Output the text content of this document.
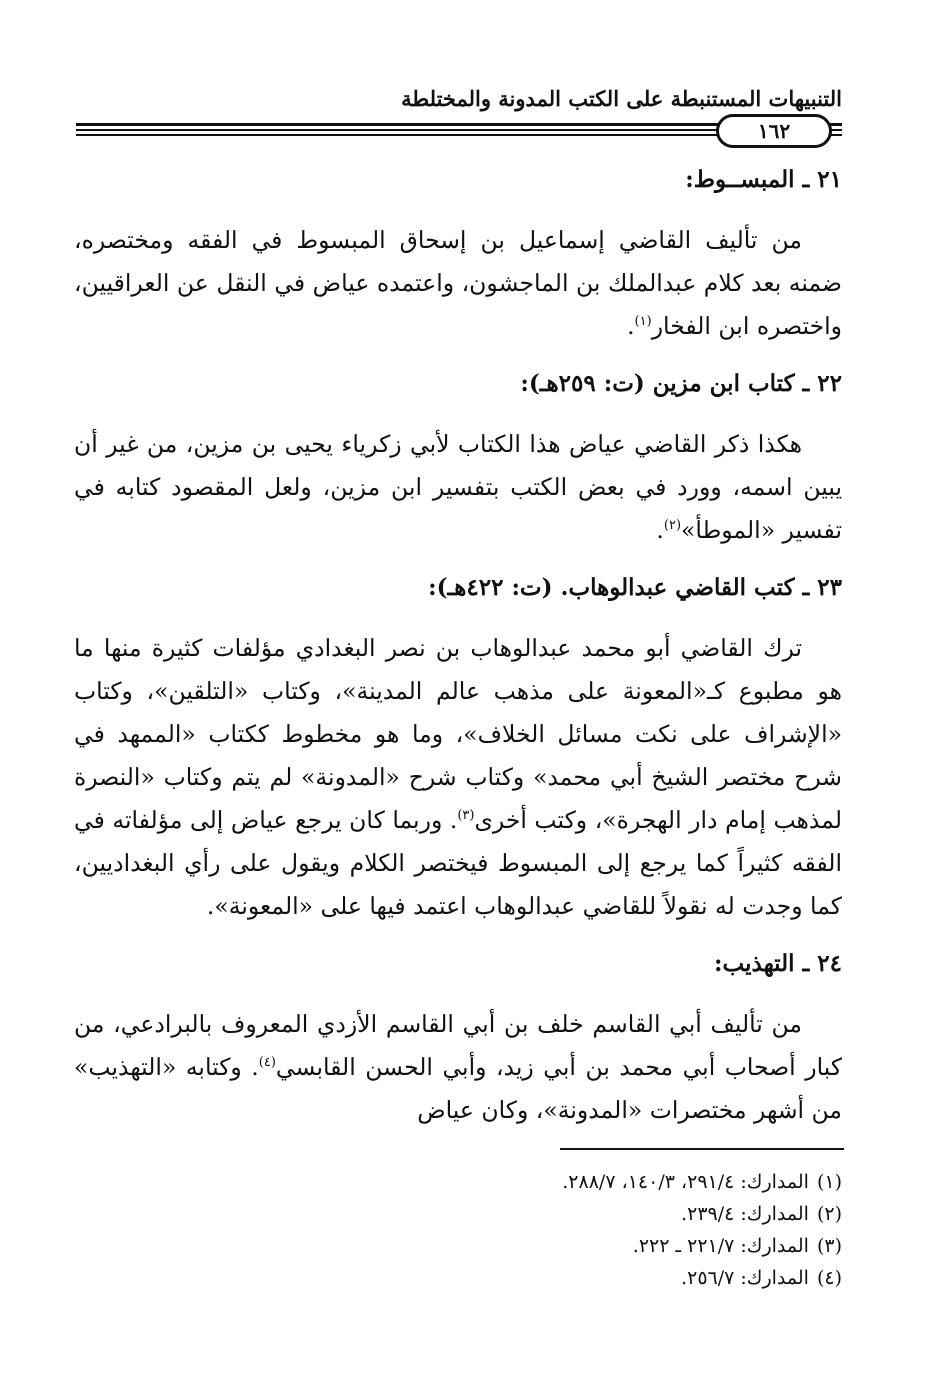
التنبيهات المستنبطة على الكتب المدونة والمختلطة
١٦٢
٢١ ـ المبســوط:

من تأليف القاضي إسماعيل بن إسحاق المبسوط في الفقه ومختصره، ضمنه بعد كلام عبدالملك بن الماجشون، واعتمده عياض في النقل عن العراقيين، واختصره ابن الفخار$^{(١)}$.

٢٢ ـ كتاب ابن مزين (ت: ٢٥٩هـ):

هكذا ذكر القاضي عياض هذا الكتاب لأبي زكرياء يحيى بن مزين، من غير أن يبين اسمه، وورد في بعض الكتب بتفسير ابن مزين، ولعل المقصود كتابه في تفسير «الموطأ»$^{(٢)}$.

٢٣ ـ كتب القاضي عبدالوهاب. (ت: ٤٢٢هـ):

ترك القاضي أبو محمد عبدالوهاب بن نصر البغدادي مؤلفات كثيرة منها ما هو مطبوع كـ«المعونة على مذهب عالم المدينة»، وكتاب «التلقين»، وكتاب «الإشراف على نكت مسائل الخلاف»، وما هو مخطوط ككتاب «الممهد في شرح مختصر الشيخ أبي محمد» وكتاب شرح «المدونة» لم يتم وكتاب «النصرة لمذهب إمام دار الهجرة»، وكتب أخرى$^{(٣)}$. وربما كان يرجع عياض إلى مؤلفاته في الفقه كثيراً كما يرجع إلى المبسوط فيختصر الكلام ويقول على رأي البغداديين، كما وجدت له نقولاً للقاضي عبدالوهاب اعتمد فيها على «المعونة».

٢٤ ـ التهذيب:

من تأليف أبي القاسم خلف بن أبي القاسم الأزدي المعروف بالبرادعي، من كبار أصحاب أبي محمد بن أبي زيد، وأبي الحسن القابسي$^{(٤)}$. وكتابه «التهذيب» من أشهر مختصرات «المدونة»، وكان عياض

(١)المدارك: ٢٩١/٤، ١٤٠/٣، ٢٨٨/٧.
(٢)المدارك: ٢٣٩/٤.
(٣)المدارك: ٢٢١/٧ ـ ٢٢٢.
(٤)المدارك: ٢٥٦/٧.
